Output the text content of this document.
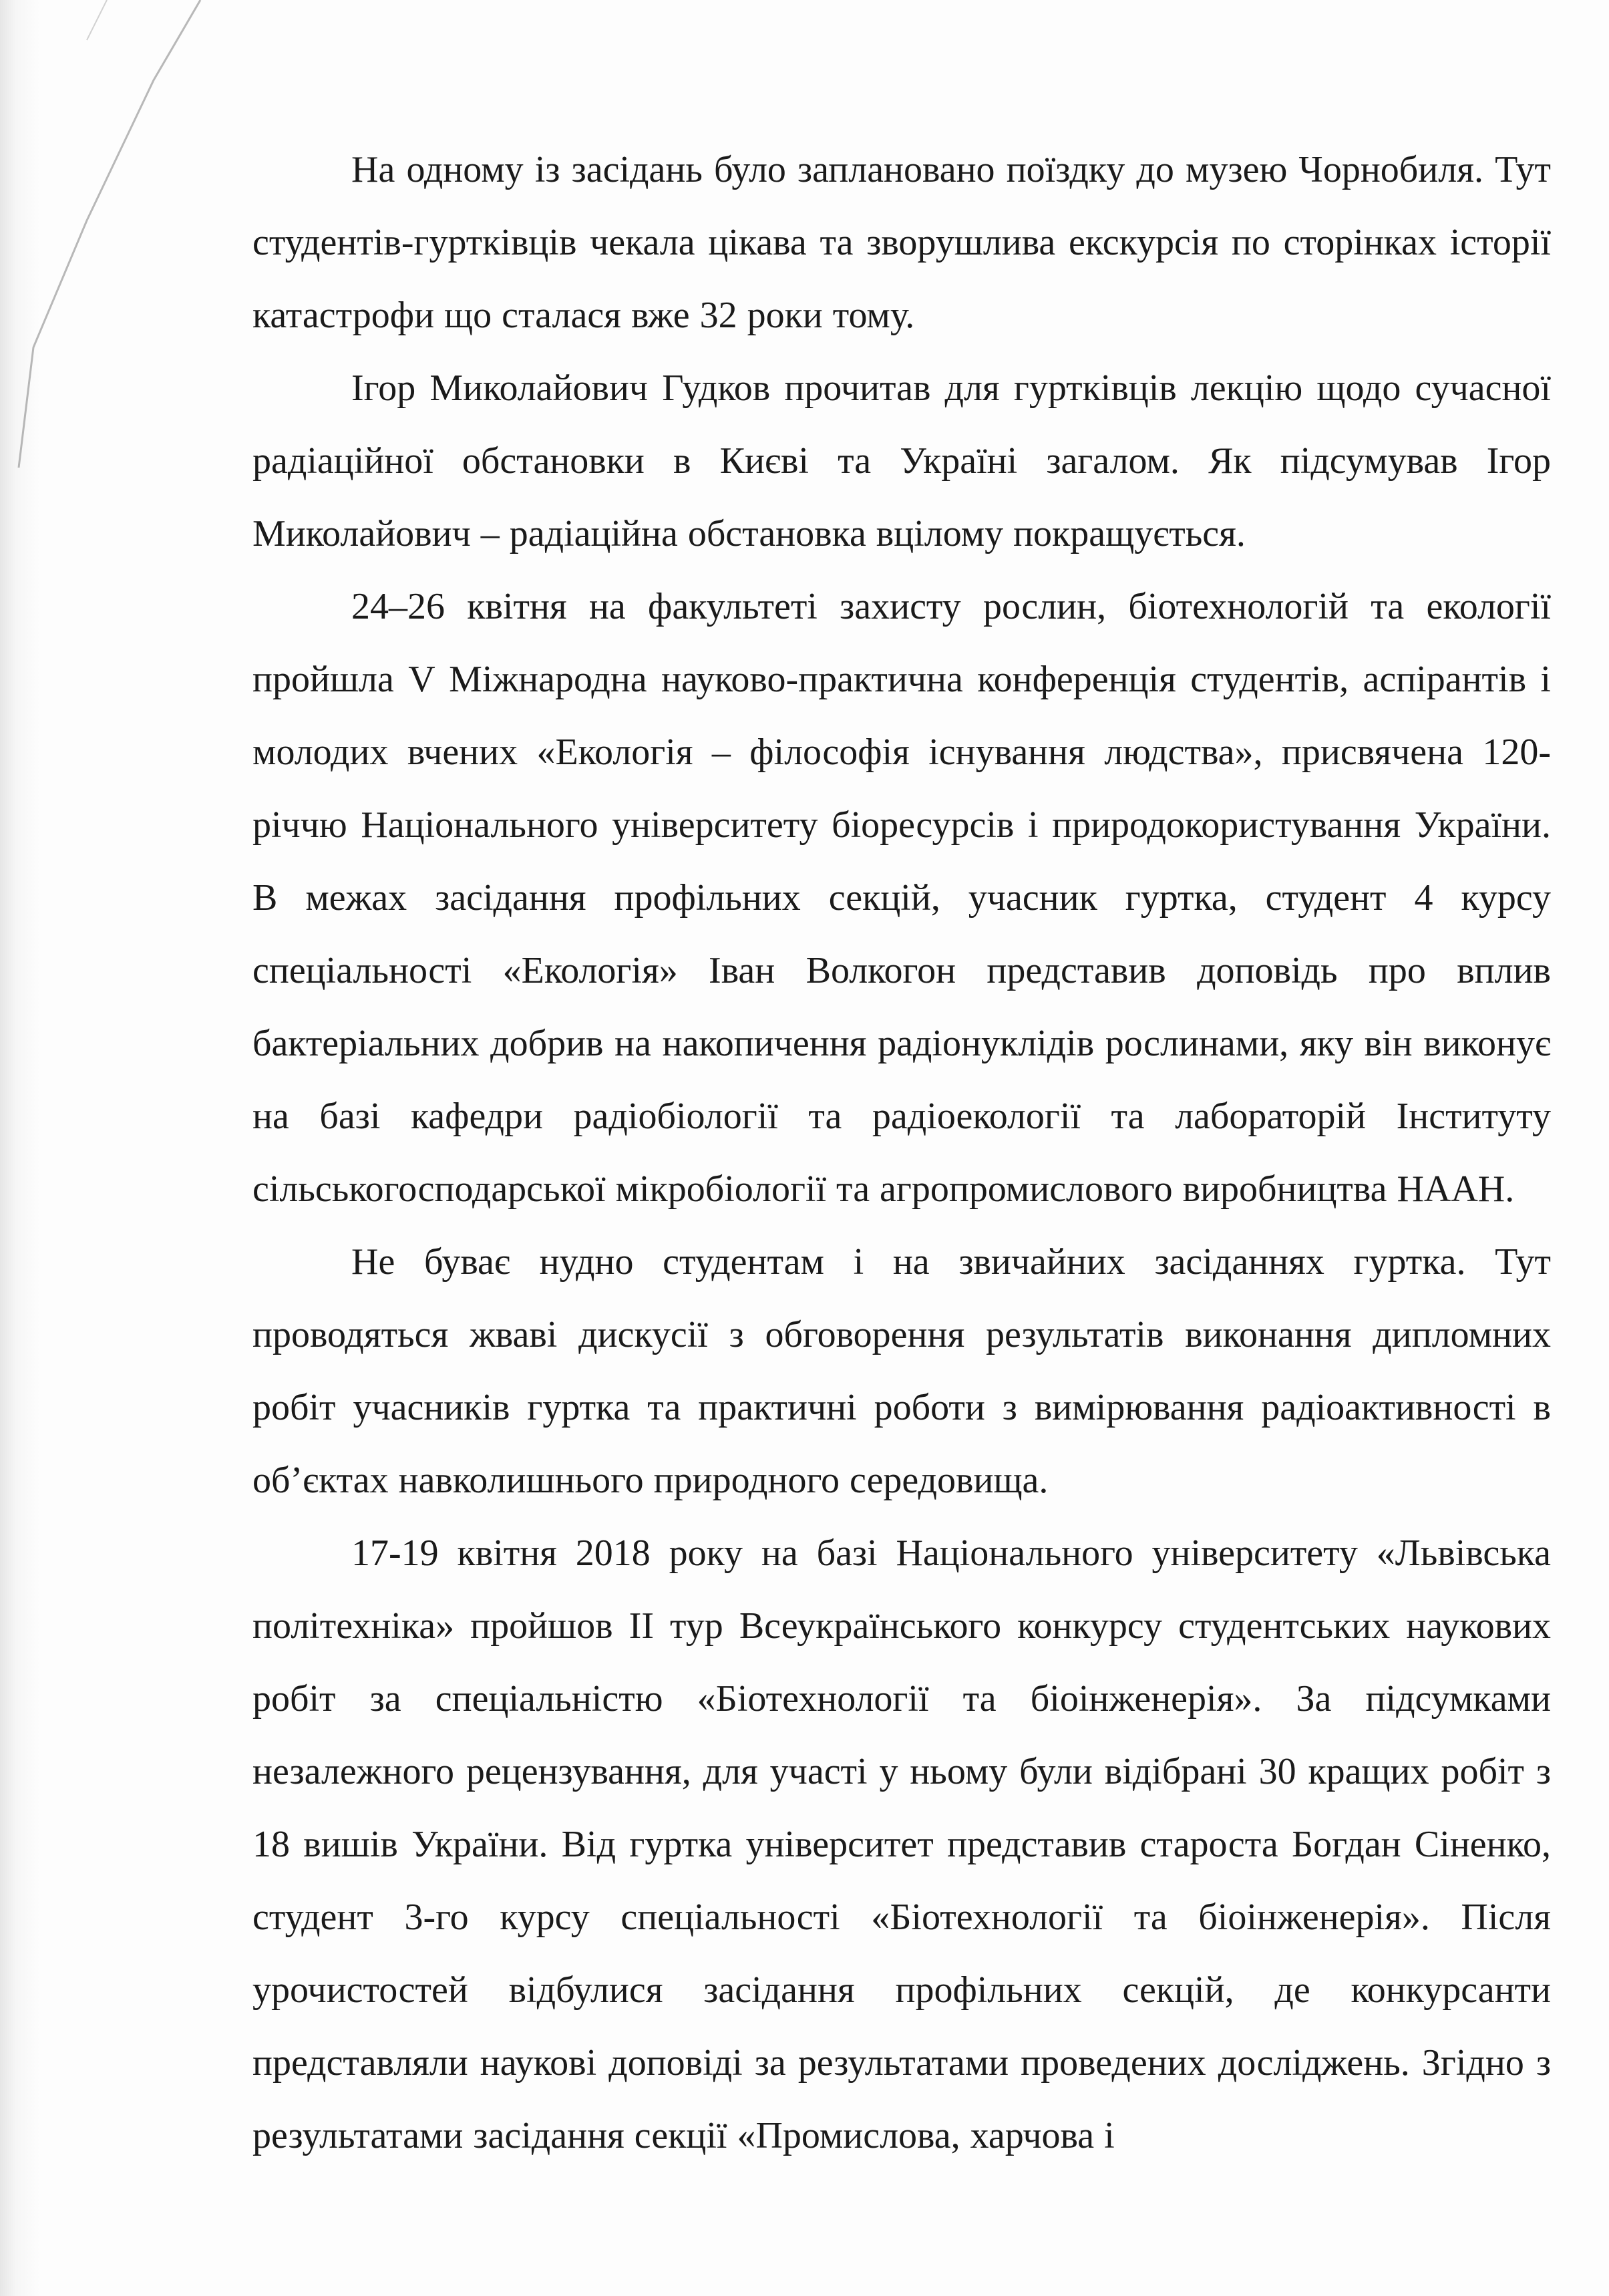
На одному із засідань було заплановано поїздку до музею Чорнобиля. Тут студентів-гуртківців чекала цікава та зворушлива екскурсія по сторінках історії катастрофи що сталася вже 32 роки тому.

Ігор Миколайович Гудков прочитав для гуртківців лекцію щодо сучасної радіаційної обстановки в Києві та Україні загалом. Як підсумував Ігор Миколайович – радіаційна обстановка вцілому покращується.

24–26 квітня на факультеті захисту рослин, біотехнологій та екології пройшла V Міжнародна науково-практична конференція студентів, аспірантів і молодих вчених «Екологія – філософія існування людства», присвячена 120-річчю Національного університету біоресурсів і природокористування України. В межах засідання профільних секцій, учасник гуртка, студент 4 курсу спеціальності «Екологія» Іван Волкогон представив доповідь про вплив бактеріальних добрив на накопичення радіонуклідів рослинами, яку він виконує на базі кафедри радіобіології та радіоекології та лабораторій Інституту сільськогосподарської мікробіології та агропромислового виробництва НААН.

Не буває нудно студентам і на звичайних засіданнях гуртка. Тут проводяться жваві дискусії з обговорення результатів виконання дипломних робіт учасників гуртка та практичні роботи з вимірювання радіоактивності в об’єктах навколишнього природного середовища.

17-19 квітня 2018 року на базі Національного університету «Львівська політехніка» пройшов ІІ тур Всеукраїнського конкурсу студентських наукових робіт за спеціальністю «Біотехнології та біоінженерія». За підсумками незалежного рецензування, для участі у ньому були відібрані 30 кращих робіт з 18 вишів України. Від гуртка університет представив староста Богдан Сіненко, студент 3-го курсу спеціальності «Біотехнології та біоінженерія». Після урочистостей відбулися засідання профільних секцій, де конкурсанти представляли наукові доповіді за результатами проведених досліджень. Згідно з результатами засідання секції «Промислова, харчова і
